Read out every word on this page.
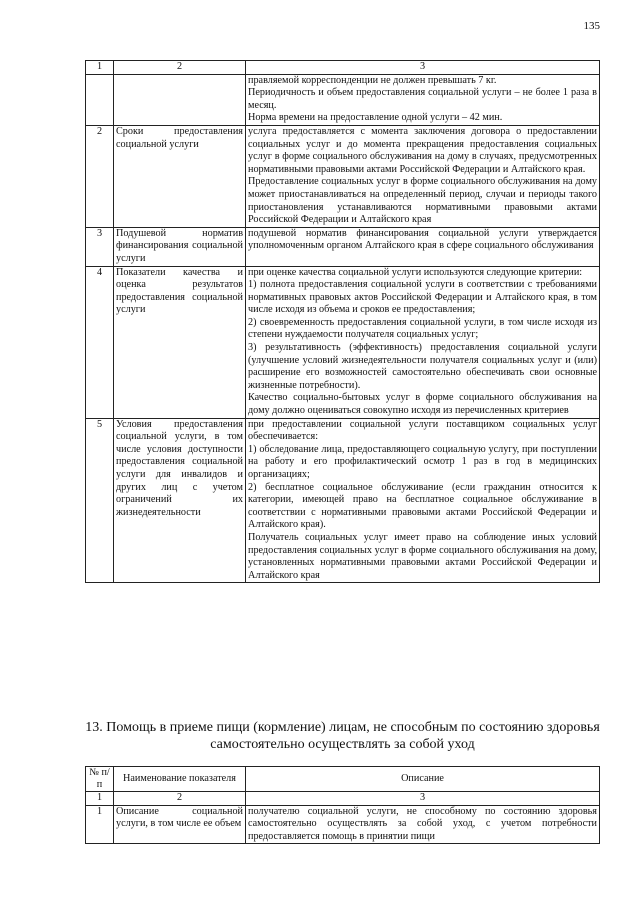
135
1	2	3

		правляемой корреспонденции не должен превышать 7 кг.
Периодичность и объем предоставления социальной услуги – не более 1 раза в месяц.
Норма времени на предоставление одной услуги – 42 мин.

2	Сроки предоставления социальной услуги	услуга предоставляется с момента заключения договора о предоставлении социальных услуг и до момента прекращения предоставления социальных услуг в форме социального обслуживания на дому в случаях, предусмотренных нормативными правовыми актами Российской Федерации и Алтайского края.
Предоставление социальных услуг в форме социального обслуживания на дому может приостанавливаться на определенный период, случаи и периоды такого приостановления устанавливаются нормативными правовыми актами Российской Федерации и Алтайского края

3	Подушевой норматив финансирования социальной услуги	подушевой норматив финансирования социальной услуги утверждается уполномоченным органом Алтайского края в сфере социального обслуживания

4	Показатели качества и оценка результатов предоставления социальной услуги	при оценке качества социальной услуги используются следующие критерии:
1) полнота предоставления социальной услуги в соответствии с требованиями нормативных правовых актов Российской Федерации и Алтайского края, в том числе исходя из объема и сроков ее предоставления;
2) своевременность предоставления социальной услуги, в том числе исходя из степени нуждаемости получателя социальных услуг;
3) результативность (эффективность) предоставления социальной услуги (улучшение условий жизнедеятельности получателя социальных услуг и (или) расширение его возможностей самостоятельно обеспечивать свои основные жизненные потребности).
Качество социально-бытовых услуг в форме социального обслуживания на дому должно оцениваться совокупно исходя из перечисленных критериев

5	Условия предоставления социальной услуги, в том числе условия доступности предоставления социальной услуги для инвалидов и других лиц с учетом ограничений их жизнедеятельности	при предоставлении социальной услуги поставщиком социальных услуг обеспечивается:
1) обследование лица, предоставляющего социальную услугу, при поступлении на работу и его профилактический осмотр 1 раз в год в медицинских организациях;
2) бесплатное социальное обслуживание (если гражданин относится к категории, имеющей право на бесплатное социальное обслуживание в соответствии с нормативными правовыми актами Российской Федерации и Алтайского края).
Получатель социальных услуг имеет право на соблюдение иных условий предоставления социальных услуг в форме социального обслуживания на дому, установленных нормативными правовыми актами Российской Федерации и Алтайского края
13. Помощь в приеме пищи (кормление) лицам, не способным по состоянию здоровья самостоятельно осуществлять за собой уход
№ п/п	Наименование показателя	Описание
1	2	3
1	Описание социальной услуги, в том числе ее объем	получателю социальной услуги, не способному по состоянию здоровья самостоятельно осуществлять за собой уход, с учетом потребности предоставляется помощь в принятии пищи
